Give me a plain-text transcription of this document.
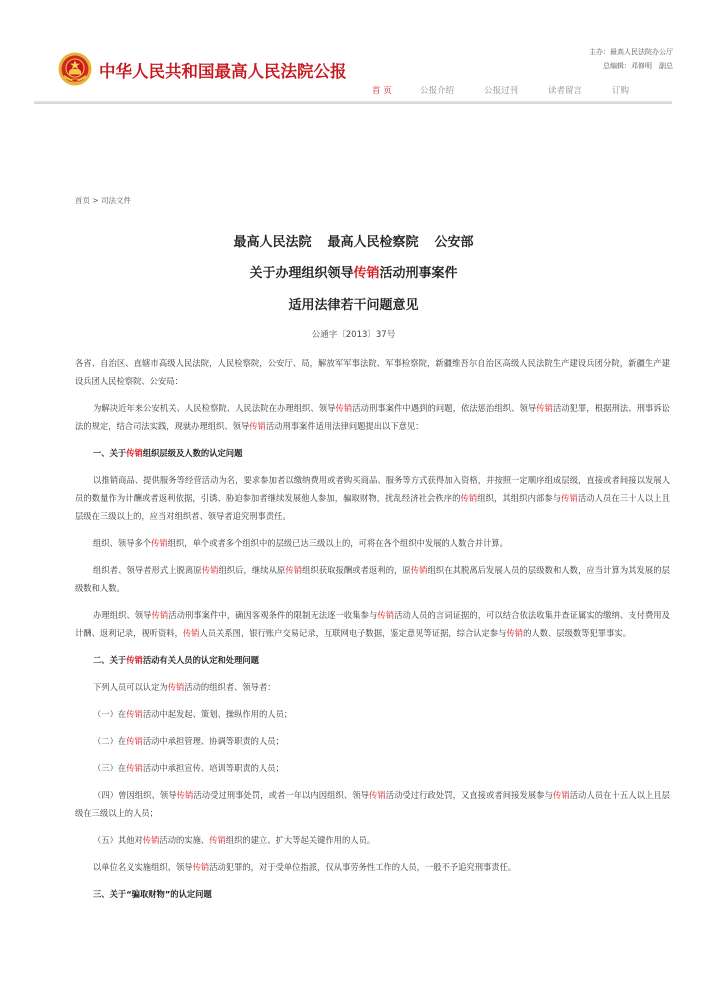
中华人民共和国最高人民法院公报
主办：最高人民法院办公厅
总编辑：邓修明　副总
首 页	公报介绍	公报过刊	读者留言	订购
首页 > 司法文件
最高人民法院 最高人民检察院 公安部
关于办理组织领导传销活动刑事案件
适用法律若干问题意见
公通字〔2013〕37号

各省、自治区、直辖市高级人民法院，人民检察院，公安厅、局，解放军军事法院、军事检察院，新疆维吾尔自治区高级人民法院生产建设兵团分院，新疆生产建设兵团人民检察院、公安局：

为解决近年来公安机关、人民检察院、人民法院在办理组织、领导传销活动刑事案件中遇到的问题，依法惩治组织、领导传销活动犯罪，根据刑法、刑事诉讼法的规定，结合司法实践，现就办理组织、领导传销活动刑事案件适用法律问题提出以下意见：

一、关于传销组织层级及人数的认定问题

以推销商品、提供服务等经营活动为名，要求参加者以缴纳费用或者购买商品、服务等方式获得加入资格，并按照一定顺序组成层级，直接或者间接以发展人员的数量作为计酬或者返利依据，引诱、胁迫参加者继续发展他人参加，骗取财物，扰乱经济社会秩序的传销组织，其组织内部参与传销活动人员在三十人以上且层级在三级以上的，应当对组织者、领导者追究刑事责任。

组织、领导多个传销组织，单个或者多个组织中的层级已达三级以上的，可将在各个组织中发展的人数合并计算。

组织者、领导者形式上脱离原传销组织后，继续从原传销组织获取报酬或者返利的，原传销组织在其脱离后发展人员的层级数和人数，应当计算为其发展的层级数和人数。

办理组织、领导传销活动刑事案件中，确因客观条件的限制无法逐一收集参与传销活动人员的言词证据的，可以结合依法收集并查证属实的缴纳、支付费用及计酬、返利记录，视听资料，传销人员关系图，银行账户交易记录，互联网电子数据，鉴定意见等证据，综合认定参与传销的人数、层级数等犯罪事实。

二、关于传销活动有关人员的认定和处理问题

下列人员可以认定为传销活动的组织者、领导者：

（一）在传销活动中起发起、策划、操纵作用的人员；

（二）在传销活动中承担管理、协调等职责的人员；

（三）在传销活动中承担宣传、培训等职责的人员；

（四）曾因组织、领导传销活动受过刑事处罚，或者一年以内因组织、领导传销活动受过行政处罚，又直接或者间接发展参与传销活动人员在十五人以上且层级在三级以上的人员；

（五）其他对传销活动的实施、传销组织的建立、扩大等起关键作用的人员。

以单位名义实施组织、领导传销活动犯罪的，对于受单位指派，仅从事劳务性工作的人员，一般不予追究刑事责任。

三、关于“骗取财物”的认定问题
